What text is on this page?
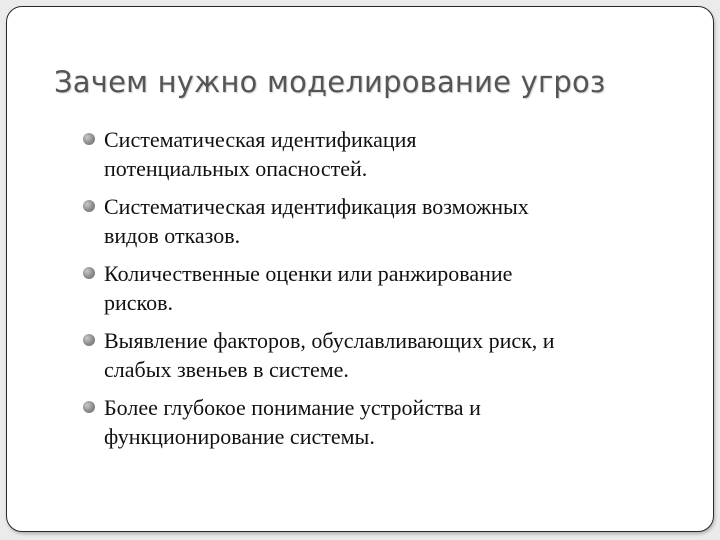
Зачем нужно моделирование угроз
Систематическая идентификация
потенциальных опасностей.
Систематическая идентификация возможных
видов отказов.
Количественные оценки или ранжирование
рисков.
Выявление факторов, обуславливающих риск, и
слабых звеньев в системе.
Более глубокое понимание устройства и
функционирование системы.
